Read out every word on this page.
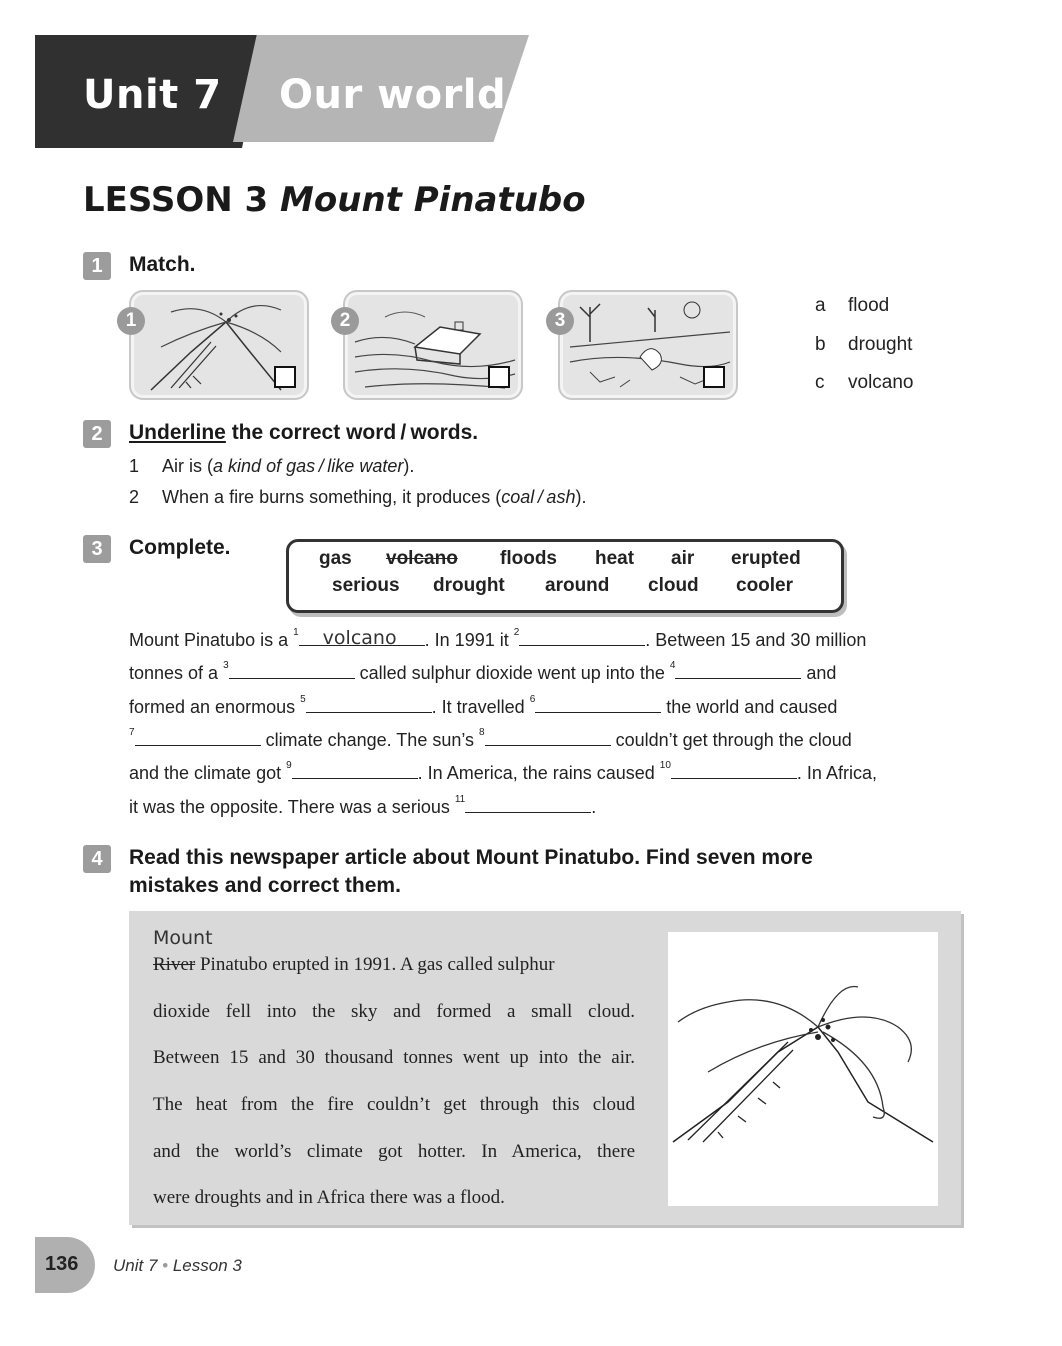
Unit 7 Our world
LESSON 3 Mount Pinatubo
1	Match.
1	2	3
a flood
b drought
c volcano
2	Underline the correct word / words.
1 Air is (a kind of gas / like water).
2 When a fire burns something, it produces (coal / ash).
3	Complete.	gas volcano floods heat air erupted
serious drought around cloud cooler
Mount Pinatubo is a $^1$ volcano . In 1991 it $^2$	. Between 15 and 30 million
tonnes of a $^3$	called sulphur dioxide went up into the $^4$	and
formed an enormous $^5$	. It travelled $^6$	the world and caused
$^7$	climate change. The sun’s $^8$	couldn’t get through the cloud
and the climate got $^9$	. In America, the rains caused $^{10}$	. In Africa,
it was the opposite. There was a serious $^{11}$	.
4	Read this newspaper article about Mount Pinatubo. Find seven more
mistakes and correct them.
Mount
River Pinatubo erupted in 1991. A gas called sulphur
dioxide fell into the sky and formed a small cloud.
Between 15 and 30 thousand tonnes went up into the air.
The heat from the fire couldn’t get through this cloud
and the world’s climate got hotter. In America, there
were droughts and in Africa there was a flood.
136 Unit 7 • Lesson 3
